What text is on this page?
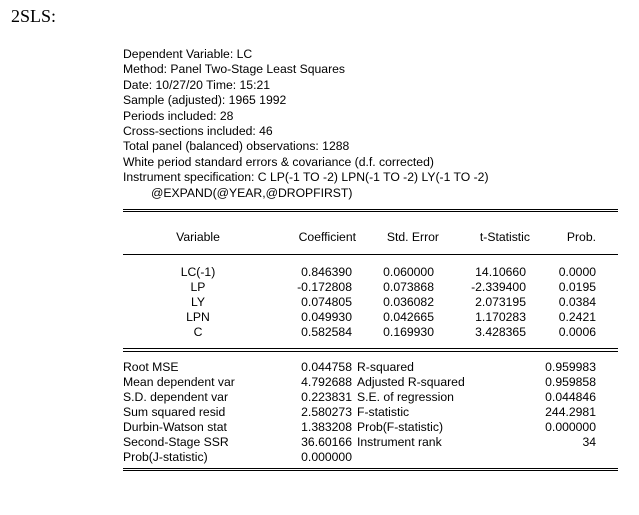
2SLS:
Dependent Variable: LC
Method: Panel Two-Stage Least Squares
Date: 10/27/20 Time: 15:21
Sample (adjusted): 1965 1992
Periods included: 28
Cross-sections included: 46
Total panel (balanced) observations: 1288
White period standard errors & covariance (d.f. corrected)
Instrument specification: C LP(-1 TO -2) LPN(-1 TO -2) LY(-1 TO -2)
@EXPAND(@YEAR,@DROPFIRST)
Variable	Coefficient	Std. Error	t-Statistic	Prob.
LC(-1)	0.846390	0.060000	14.10660	0.0000
LP	-0.172808	0.073868	-2.339400	0.0195
LY	0.074805	0.036082	2.073195	0.0384
LPN	0.049930	0.042665	1.170283	0.2421
C	0.582584	0.169930	3.428365	0.0006
Root MSE	0.044758 R-squared	0.959983
Mean dependent var	4.792688 Adjusted R-squared	0.959858
S.D. dependent var	0.223831 S.E. of regression	0.044846
Sum squared resid	2.580273 F-statistic	244.2981
Durbin-Watson stat	1.383208 Prob(F-statistic)	0.000000
Second-Stage SSR	36.60166 Instrument rank	34
Prob(J-statistic)	0.000000
